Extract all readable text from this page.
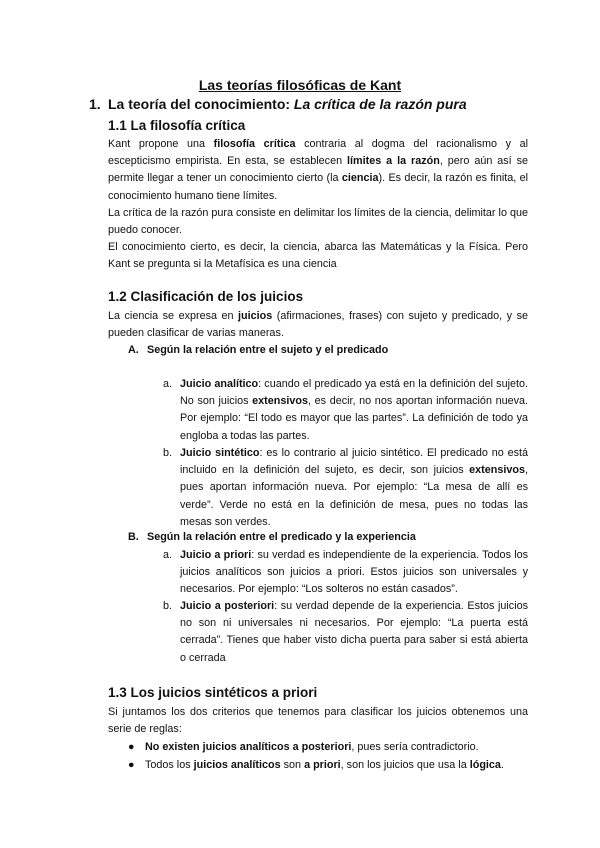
Las teorías filosóficas de Kant
1. La teoría del conocimiento: La crítica de la razón pura
1.1 La filosofía crítica
Kant propone una filosofía crítica contraria al dogma del racionalismo y al escepticismo empirista. En esta, se establecen límites a la razón, pero aún así se permite llegar a tener un conocimiento cierto (la ciencia). Es decir, la razón es finita, el conocimiento humano tiene límites.
La crítica de la razón pura consiste en delimitar los límites de la ciencia, delimitar lo que puedo conocer.
El conocimiento cierto, es decir, la ciencia, abarca las Matemáticas y la Física. Pero Kant se pregunta si la Metafísica es una ciencia
1.2 Clasificación de los juicios
La ciencia se expresa en juicios (afirmaciones, frases) con sujeto y predicado, y se pueden clasificar de varias maneras.
A. Según la relación entre el sujeto y el predicado
a. Juicio analítico: cuando el predicado ya está en la definición del sujeto. No son juicios extensivos, es decir, no nos aportan información nueva. Por ejemplo: “El todo es mayor que las partes”. La definición de todo ya engloba a todas las partes.
b. Juicio sintético: es lo contrario al juicio sintético. El predicado no está incluido en la definición del sujeto, es decir, son juicios extensivos, pues aportan información nueva. Por ejemplo: “La mesa de allí es verde”. Verde no está en la definición de mesa, pues no todas las mesas son verdes.
B. Según la relación entre el predicado y la experiencia
a. Juicio a priori: su verdad es independiente de la experiencia. Todos los juicios analíticos son juicios a priori. Estos juicios son universales y necesarios. Por ejemplo: “Los solteros no están casados”.
b. Juicio a posteriori: su verdad depende de la experiencia. Estos juicios no son ni universales ni necesarios. Por ejemplo: “La puerta está cerrada”. Tienes que haber visto dicha puerta para saber si está abierta o cerrada
1.3 Los juicios sintéticos a priori
Si juntamos los dos criterios que tenemos para clasificar los juicios obtenemos una serie de reglas:
● No existen juicios analíticos a posteriori, pues sería contradictorio.
● Todos los juicios analíticos son a priori, son los juicios que usa la lógica.
